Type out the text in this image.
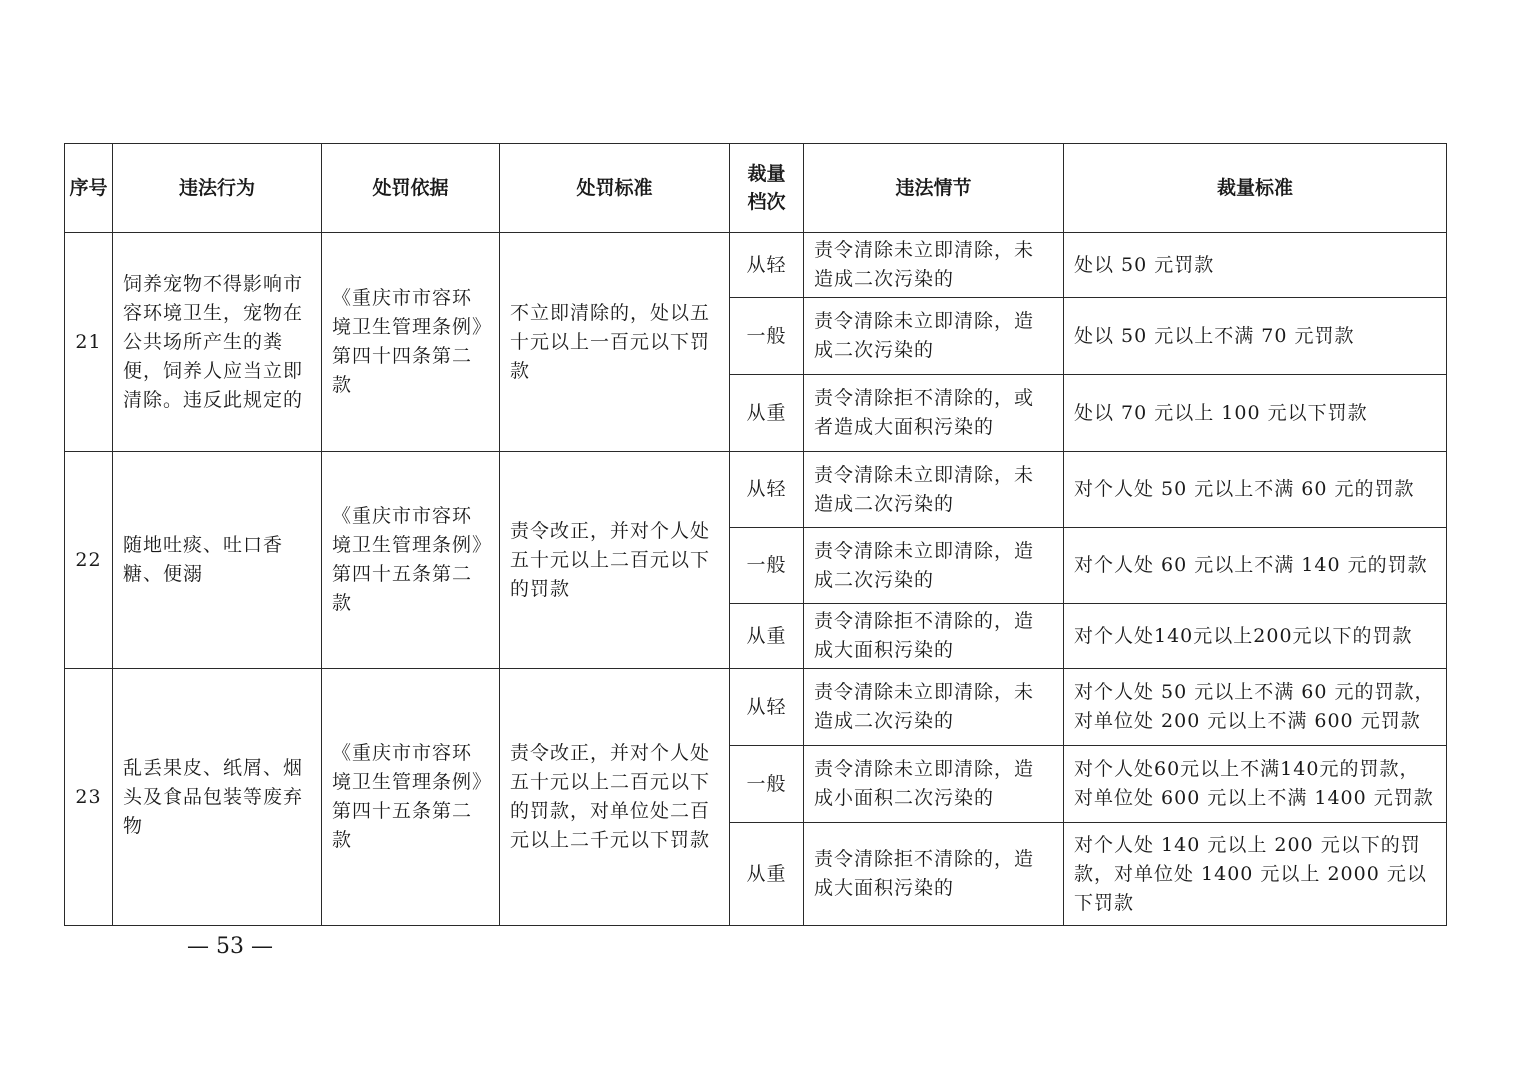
序号	违法行为	处罚依据	处罚标准	裁量档次	违法情节	裁量标准
21	饲养宠物不得影响市容环境卫生，宠物在公共场所产生的粪便，饲养人应当立即清除。违反此规定的	《重庆市市容环境卫生管理条例》第四十四条第二款	不立即清除的，处以五十元以上一百元以下罚款	从轻	责令清除未立即清除，未造成二次污染的	处以 50 元罚款
				一般	责令清除未立即清除，造成二次污染的	处以 50 元以上不满 70 元罚款
				从重	责令清除拒不清除的，或者造成大面积污染的	处以 70 元以上 100 元以下罚款
22	随地吐痰、吐口香糖、便溺	《重庆市市容环境卫生管理条例》第四十五条第二款	责令改正，并对个人处五十元以上二百元以下的罚款	从轻	责令清除未立即清除，未造成二次污染的	对个人处 50 元以上不满 60 元的罚款
				一般	责令清除未立即清除，造成二次污染的	对个人处 60 元以上不满 140 元的罚款
				从重	责令清除拒不清除的，造成大面积污染的	对个人处140元以上200元以下的罚款
23	乱丢果皮、纸屑、烟头及食品包装等废弃物	《重庆市市容环境卫生管理条例》第四十五条第二款	责令改正，并对个人处五十元以上二百元以下的罚款，对单位处二百元以上二千元以下罚款	从轻	责令清除未立即清除，未造成二次污染的	对个人处 50 元以上不满 60 元的罚款，对单位处 200 元以上不满 600 元罚款
				一般	责令清除未立即清除，造成小面积二次污染的	对个人处60元以上不满140元的罚款，对单位处 600 元以上不满 1400 元罚款
				从重	责令清除拒不清除的，造成大面积污染的	对个人处 140 元以上 200 元以下的罚款，对单位处 1400 元以上 2000 元以下罚款
— 53 —
